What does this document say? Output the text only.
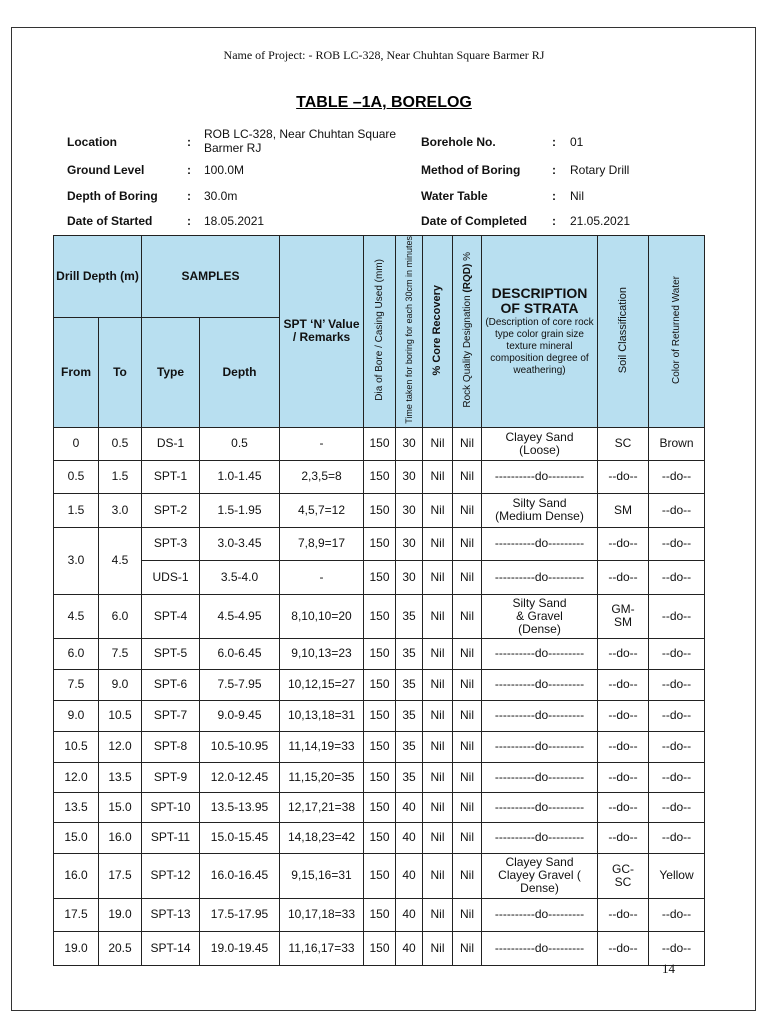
Name of Project: - ROB LC-328, Near Chuhtan Square Barmer RJ
TABLE –1A, BORELOG
Location	:
ROB LC-328, Near Chuhtan Square
Barmer RJ
Ground Level	: 100.0M
Depth of Boring : 30.0m
Date of Started	: 18.05.2021
Borehole No.	: 01
Method of Boring	: Rotary Drill
Water Table	: Nil
Date of Completed : 21.05.2021
Drill Depth (m)		SAMPLES		SPT ‘N’ Value / Remarks	Dia of Bore / Casing Used (mm)	Time taken for boring for each 30cm in minutes	% Core Recovery	Rock Quality Designation (RQD) %	DESCRIPTION OF STRATA
(Description of core rock type color grain size texture mineral composition degree of weathering)	Soil Classification	Color of Returned Water
From	To	Type	Depth								
0	0.5	DS-1	0.5	-	150	30	Nil	Nil	Clayey Sand (Loose)	SC	Brown
0.5	1.5	SPT-1	1.0-1.45	2,3,5=8	150	30	Nil	Nil	----------do---------	--do--	--do--
1.5	3.0	SPT-2	1.5-1.95	4,5,7=12	150	30	Nil	Nil	Silty Sand (Medium Dense)	SM	--do--
3.0	4.5	SPT-3	3.0-3.45	7,8,9=17	150	30	Nil	Nil	----------do---------	--do--	--do--
		UDS-1	3.5-4.0	-	150	30	Nil	Nil	----------do---------	--do--	--do--
4.5	6.0	SPT-4	4.5-4.95	8,10,10=20	150	35	Nil	Nil	Silty Sand & Gravel (Dense)	GM-SM	--do--
6.0	7.5	SPT-5	6.0-6.45	9,10,13=23	150	35	Nil	Nil	----------do---------	--do--	--do--
7.5	9.0	SPT-6	7.5-7.95	10,12,15=27	150	35	Nil	Nil	----------do---------	--do--	--do--
9.0	10.5	SPT-7	9.0-9.45	10,13,18=31	150	35	Nil	Nil	----------do---------	--do--	--do--
10.5	12.0	SPT-8	10.5-10.95	11,14,19=33	150	35	Nil	Nil	----------do---------	--do--	--do--
12.0	13.5	SPT-9	12.0-12.45	11,15,20=35	150	35	Nil	Nil	----------do---------	--do--	--do--
13.5	15.0	SPT-10	13.5-13.95	12,17,21=38	150	40	Nil	Nil	----------do---------	--do--	--do--
15.0	16.0	SPT-11	15.0-15.45	14,18,23=42	150	40	Nil	Nil	----------do---------	--do--	--do--
16.0	17.5	SPT-12	16.0-16.45	9,15,16=31	150	40	Nil	Nil	Clayey Sand Clayey Gravel ( Dense)	GC-SC	Yellow
17.5	19.0	SPT-13	17.5-17.95	10,17,18=33	150	40	Nil	Nil	----------do---------	--do--	--do--
19.0	20.5	SPT-14	19.0-19.45	11,16,17=33	150	40	Nil	Nil	----------do---------	--do--	--do--
14
